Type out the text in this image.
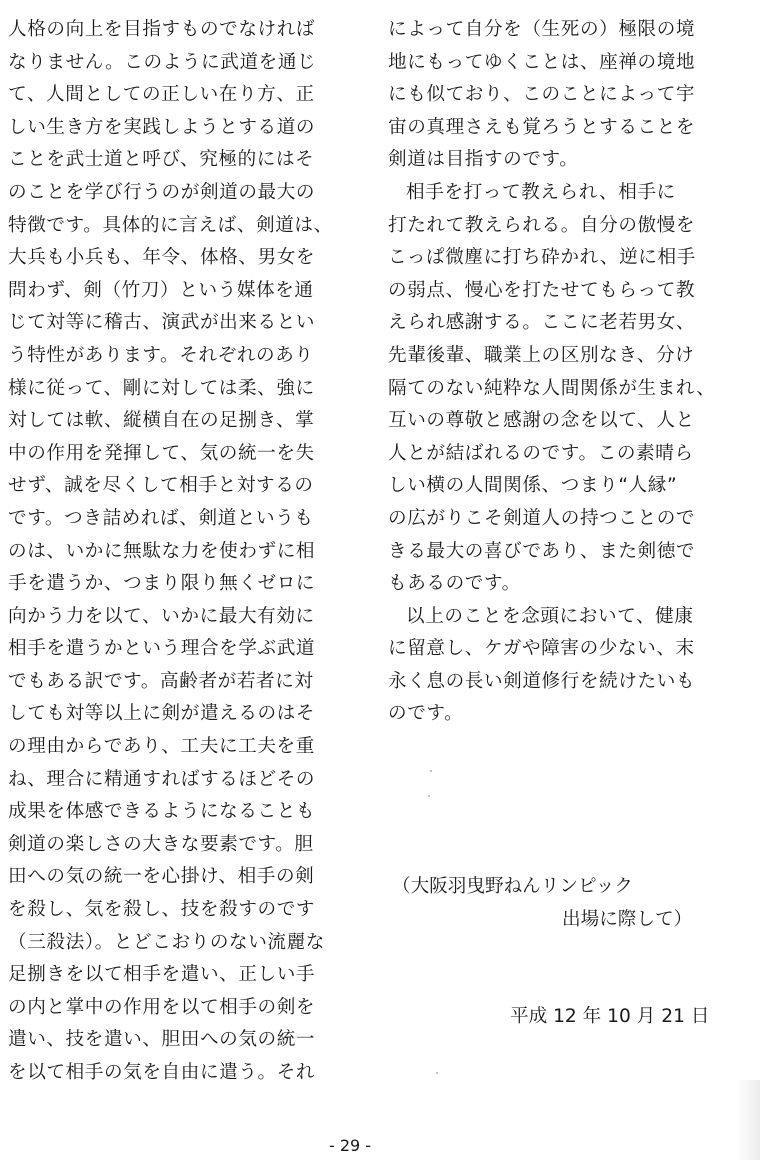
人格の向上を目指すものでなければ
なりません。このように武道を通じ
て、人間としての正しい在り方、正
しい生き方を実践しようとする道の
ことを武士道と呼び、究極的にはそ
のことを学び行うのが剣道の最大の
特徴です。具体的に言えば、剣道は、
大兵も小兵も、年令、体格、男女を
問わず、剣（竹刀）という媒体を通
じて対等に稽古、演武が出来るとい
う特性があります。それぞれのあり
様に従って、剛に対しては柔、強に
対しては軟、縦横自在の足捌き、掌
中の作用を発揮して、気の統一を失
せず、誠を尽くして相手と対するの
です。つき詰めれば、剣道というも
のは、いかに無駄な力を使わずに相
手を遣うか、つまり限り無くゼロに
向かう力を以て、いかに最大有効に
相手を遣うかという理合を学ぶ武道
でもある訳です。高齢者が若者に対
しても対等以上に剣が遣えるのはそ
の理由からであり、工夫に工夫を重
ね、理合に精通すればするほどその
成果を体感できるようになることも
剣道の楽しさの大きな要素です。胆
田への気の統一を心掛け、相手の剣
を殺し、気を殺し、技を殺すのです
（三殺法）。とどこおりのない流麗な
足捌きを以て相手を遣い、正しい手
の内と掌中の作用を以て相手の剣を
遣い、技を遣い、胆田への気の統一
を以て相手の気を自由に遣う。それ
によって自分を（生死の）極限の境
地にもってゆくことは、座禅の境地
にも似ており、このことによって宇
宙の真理さえも覚ろうとすることを
剣道は目指すのです。
相手を打って教えられ、相手に
打たれて教えられる。自分の傲慢を
こっぱ微塵に打ち砕かれ、逆に相手
の弱点、慢心を打たせてもらって教
えられ感謝する。ここに老若男女、
先輩後輩、職業上の区別なき、分け
隔てのない純粋な人間関係が生まれ、
互いの尊敬と感謝の念を以て、人と
人とが結ばれるのです。この素晴ら
しい横の人間関係、つまり“人縁”
の広がりこそ剣道人の持つことので
きる最大の喜びであり、また剣徳で
もあるのです。
以上のことを念頭において、健康
に留意し、ケガや障害の少ない、末
永く息の長い剣道修行を続けたいも
のです。
（大阪羽曳野ねんリンピック
出場に際して）
平成 12 年 10 月 21 日
- 29 -
